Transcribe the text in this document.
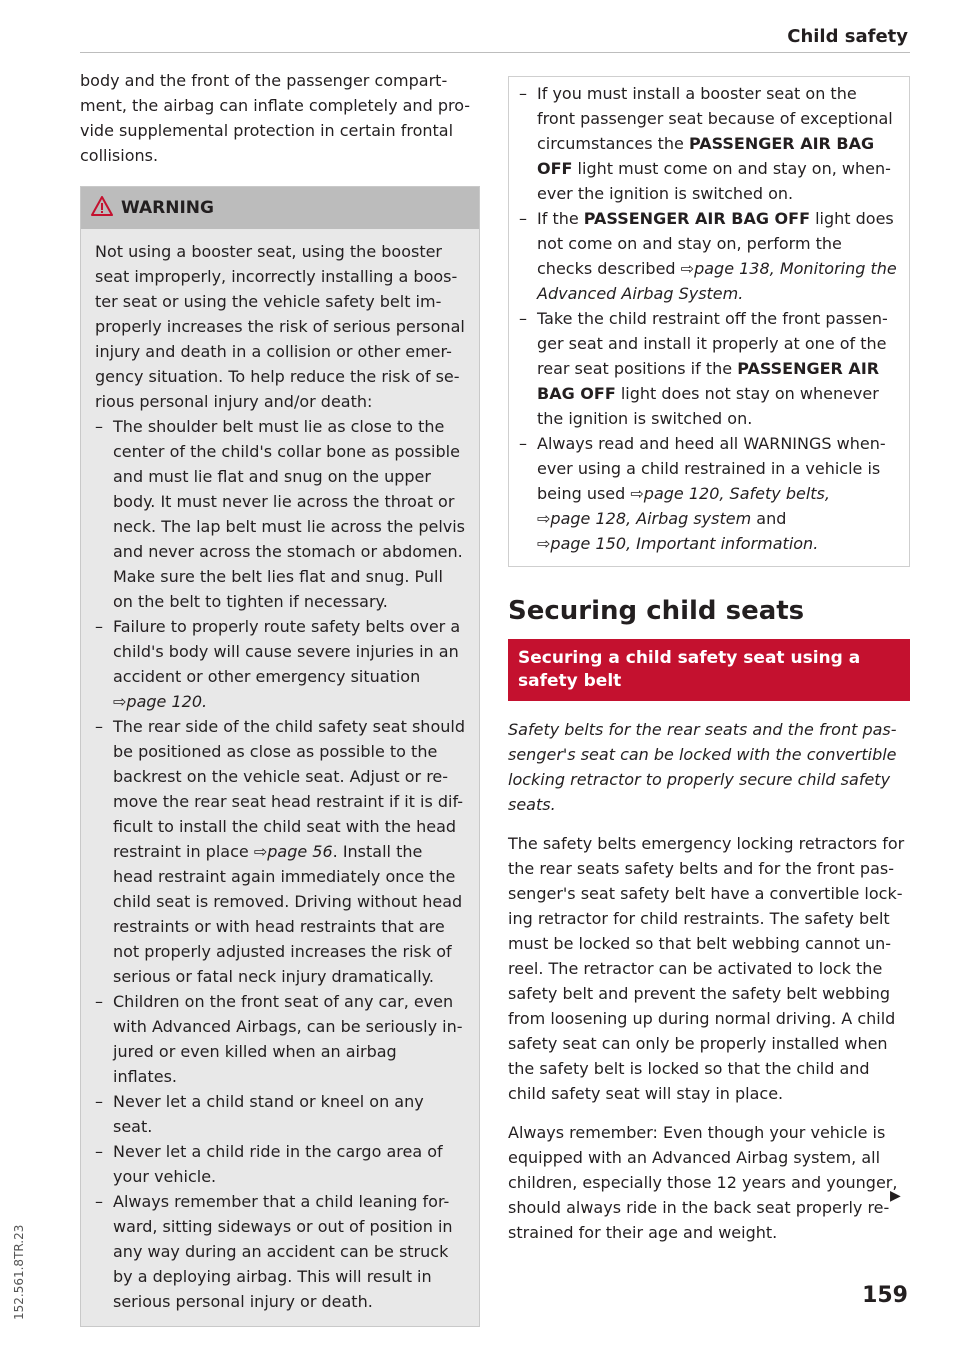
Child safety

body and the front of the passenger compart-ment, the airbag can inflate completely and pro-vide supplemental protection in certain frontal collisions.

WARNING

Not using a booster seat, using the booster seat improperly, incorrectly installing a boos-ter seat or using the vehicle safety belt im-properly increases the risk of serious personal injury and death in a collision or other emer-gency situation. To help reduce the risk of se-rious personal injury and/or death:

– The shoulder belt must lie as close to the center of the child's collar bone as possible and must lie flat and snug on the upper body. It must never lie across the throat or neck. The lap belt must lie across the pelvis and never across the stomach or abdomen. Make sure the belt lies flat and snug. Pull on the belt to tighten if necessary.
– Failure to properly route safety belts over a child's body will cause severe injuries in an accident or other emergency situation
⇨page 120.
– The rear side of the child safety seat should be positioned as close as possible to the backrest on the vehicle seat. Adjust or re-move the rear seat head restraint if it is dif-ficult to install the child seat with the head restraint in place ⇨page 56. Install the head restraint again immediately once the child seat is removed. Driving without head restraints or with head restraints that are not properly adjusted increases the risk of serious or fatal neck injury dramatically.
– Children on the front seat of any car, even with Advanced Airbags, can be seriously in-jured or even killed when an airbag inflates.
– Never let a child stand or kneel on any seat.
– Never let a child ride in the cargo area of your vehicle.
– Always remember that a child leaning for-ward, sitting sideways or out of position in any way during an accident can be struck by a deploying airbag. This will result in serious personal injury or death.
– If you must install a booster seat on the front passenger seat because of exceptional circumstances the PASSENGER AIR BAG OFF light must come on and stay on, when-ever the ignition is switched on.
– If the PASSENGER AIR BAG OFF light does not come on and stay on, perform the checks described ⇨page 138, Monitoring the Advanced Airbag System.
– Take the child restraint off the front passen-ger seat and install it properly at one of the rear seat positions if the PASSENGER AIR BAG OFF light does not stay on whenever the ignition is switched on.
– Always read and heed all WARNINGS when-ever using a child restrained in a vehicle is being used ⇨page 120, Safety belts,
⇨page 128, Airbag system and
⇨page 150, Important information.
Securing child seats
Securing a child safety seat using a safety belt

Safety belts for the rear seats and the front pas-senger's seat can be locked with the convertible locking retractor to properly secure child safety seats.

The safety belts emergency locking retractors for the rear seats safety belts and for the front pas-senger's seat safety belt have a convertible lock-ing retractor for child restraints. The safety belt must be locked so that belt webbing cannot un-reel. The retractor can be activated to lock the safety belt and prevent the safety belt webbing from loosening up during normal driving. A child safety seat can only be properly installed when the safety belt is locked so that the child and child safety seat will stay in place.

Always remember: Even though your vehicle is equipped with an Advanced Airbag system, all children, especially those 12 years and younger, should always ride in the back seat properly re-strained for their age and weight.

▶
152.561.8TR.23	159
